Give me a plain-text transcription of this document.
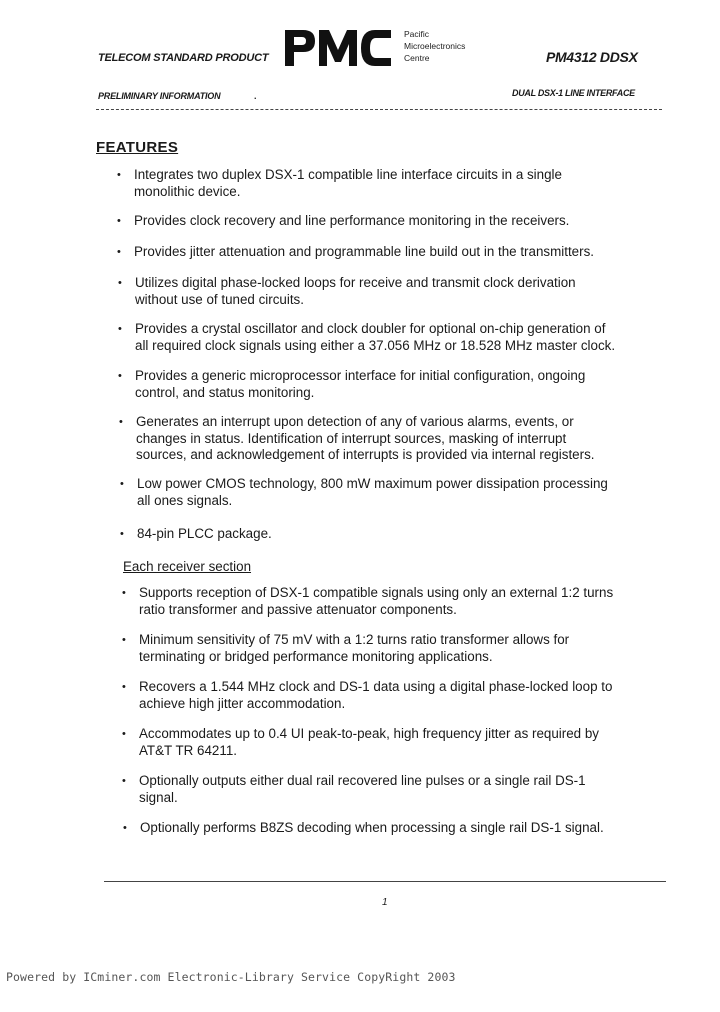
TELECOM STANDARD PRODUCT
Pacific
Microelectronics
Centre	PM4312 DDSX
PRELIMINARY INFORMATION	.	DUAL DSX-1 LINE INTERFACE
FEATURES
• Integrates two duplex DSX-1 compatible line interface circuits in a single
monolithic device.
• Provides clock recovery and line performance monitoring in the receivers.
• Provides jitter attenuation and programmable line build out in the transmitters.
• Utilizes digital phase-locked loops for receive and transmit clock derivation
without use of tuned circuits.
• Provides a crystal oscillator and clock doubler for optional on-chip generation of
all required clock signals using either a 37.056 MHz or 18.528 MHz master clock.
• Provides a generic microprocessor interface for initial configuration, ongoing
control, and status monitoring.
• Generates an interrupt upon detection of any of various alarms, events, or
changes in status. Identification of interrupt sources, masking of interrupt
sources, and acknowledgement of interrupts is provided via internal registers.
• Low power CMOS technology, 800 mW maximum power dissipation processing
all ones signals.
• 84-pin PLCC package.
Each receiver section
• Supports reception of DSX-1 compatible signals using only an external 1:2 turns
ratio transformer and passive attenuator components.
• Minimum sensitivity of 75 mV with a 1:2 turns ratio transformer allows for
terminating or bridged performance monitoring applications.
• Recovers a 1.544 MHz clock and DS-1 data using a digital phase-locked loop to
achieve high jitter accommodation.
• Accommodates up to 0.4 UI peak-to-peak, high frequency jitter as required by
AT&T TR 64211.
• Optionally outputs either dual rail recovered line pulses or a single rail DS-1
signal.
• Optionally performs B8ZS decoding when processing a single rail DS-1 signal.
1
Powered by ICminer.com Electronic-Library Service CopyRight 2003
